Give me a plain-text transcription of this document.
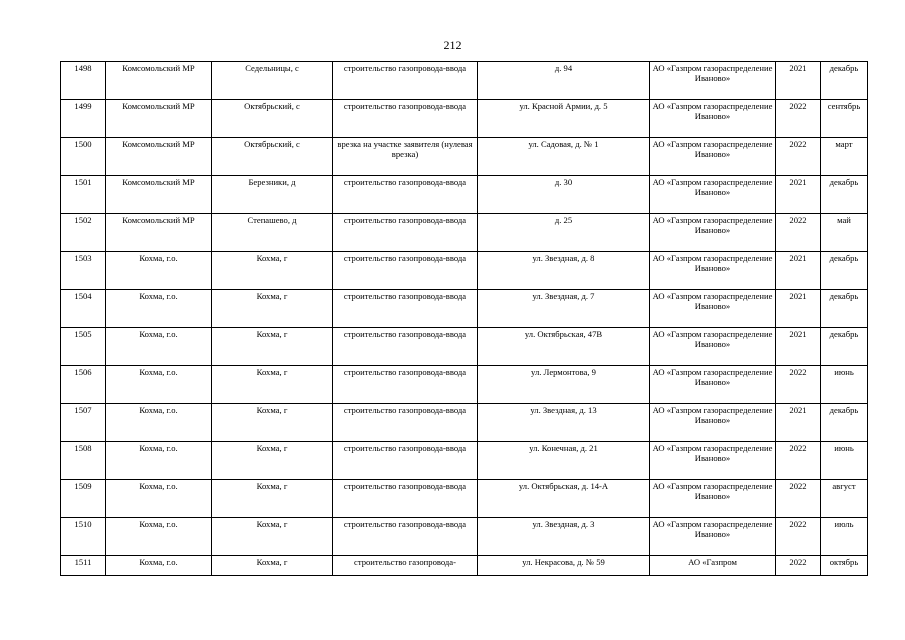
212
1498	Комсомольский МР	Седельницы, с	строительство газопровода-ввода	д. 94	АО «Газпром газораспределение Иваново»	2021	декабрь
1499	Комсомольский МР	Октябрьский, с	строительство газопровода-ввода	ул. Красной Армии, д. 5	АО «Газпром газораспределение Иваново»	2022	сентябрь
1500	Комсомольский МР	Октябрьский, с	врезка на участке заявителя (нулевая врезка)	ул. Садовая, д. № 1	АО «Газпром газораспределение Иваново»	2022	март
1501	Комсомольский МР	Березники, д	строительство газопровода-ввода	д. 30	АО «Газпром газораспределение Иваново»	2021	декабрь
1502	Комсомольский МР	Степашево, д	строительство газопровода-ввода	д. 25	АО «Газпром газораспределение Иваново»	2022	май
1503	Кохма, г.о.	Кохма, г	строительство газопровода-ввода	ул. Звездная, д. 8	АО «Газпром газораспределение Иваново»	2021	декабрь
1504	Кохма, г.о.	Кохма, г	строительство газопровода-ввода	ул. Звездная, д. 7	АО «Газпром газораспределение Иваново»	2021	декабрь
1505	Кохма, г.о.	Кохма, г	строительство газопровода-ввода	ул. Октябрьская, 47В	АО «Газпром газораспределение Иваново»	2021	декабрь
1506	Кохма, г.о.	Кохма, г	строительство газопровода-ввода	ул. Лермонтова, 9	АО «Газпром газораспределение Иваново»	2022	июнь
1507	Кохма, г.о.	Кохма, г	строительство газопровода-ввода	ул. Звездная, д. 13	АО «Газпром газораспределение Иваново»	2021	декабрь
1508	Кохма, г.о.	Кохма, г	строительство газопровода-ввода	ул. Конечная, д. 21	АО «Газпром газораспределение Иваново»	2022	июнь
1509	Кохма, г.о.	Кохма, г	строительство газопровода-ввода	ул. Октябрьская, д. 14-А	АО «Газпром газораспределение Иваново»	2022	август
1510	Кохма, г.о.	Кохма, г	строительство газопровода-ввода	ул. Звездная, д. 3	АО «Газпром газораспределение Иваново»	2022	июль
1511	Кохма, г.о.	Кохма, г	строительство газопровода-	ул. Некрасова, д. № 59	АО «Газпром	2022	октябрь
